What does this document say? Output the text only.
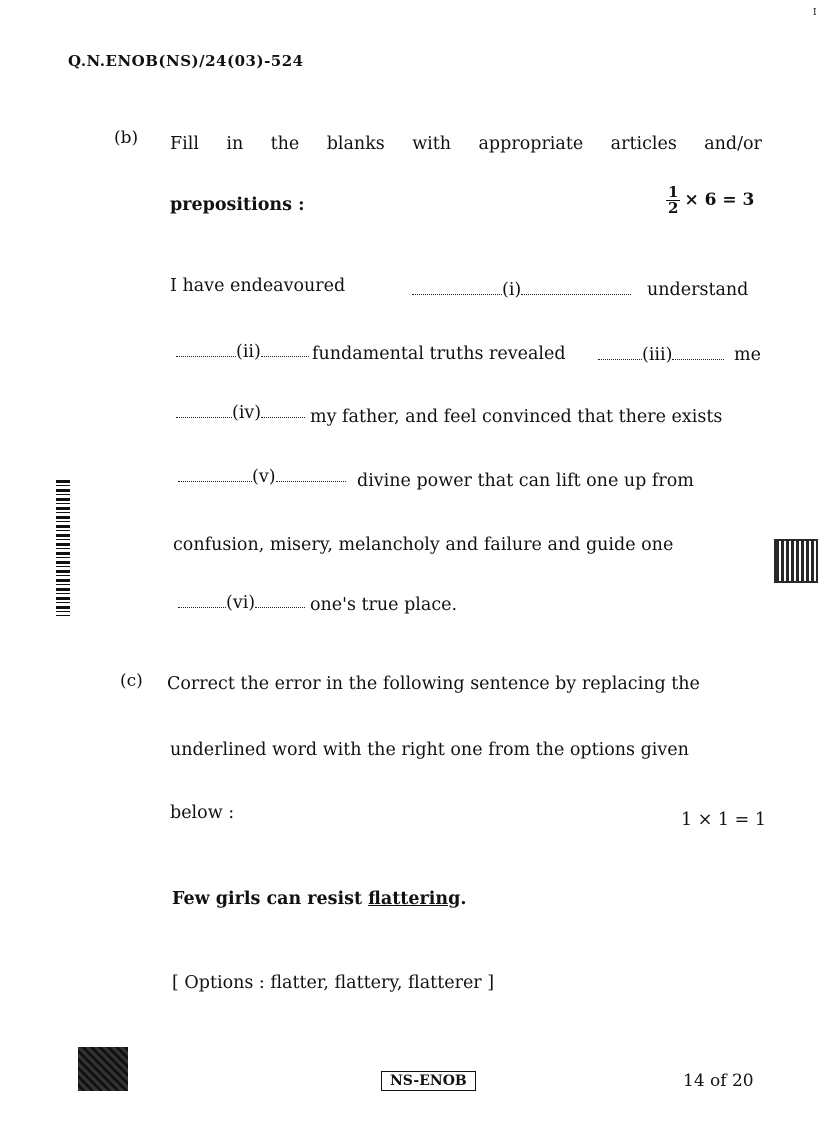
I
Q.N.ENOB(NS)/24(03)-524
(b) Fill in the blanks with appropriate articles and/or
prepositions :	$\frac{1}{2} \times 6 = 3$
I have endeavoured	(i)	understand
(ii)	fundamental truths revealed	(iii)	me
(iv)	my father, and feel convinced that there exists
(v)	divine power that can lift one up from
confusion, misery, melancholy and failure and guide one
(vi)	one's true place.
(c) Correct the error in the following sentence by replacing the
underlined word with the right one from the options given
below :	1 × 1 = 1
Few girls can resist flattering.
[ Options : flatter, flattery, flatterer ]
NS-ENOB	14 of 20
